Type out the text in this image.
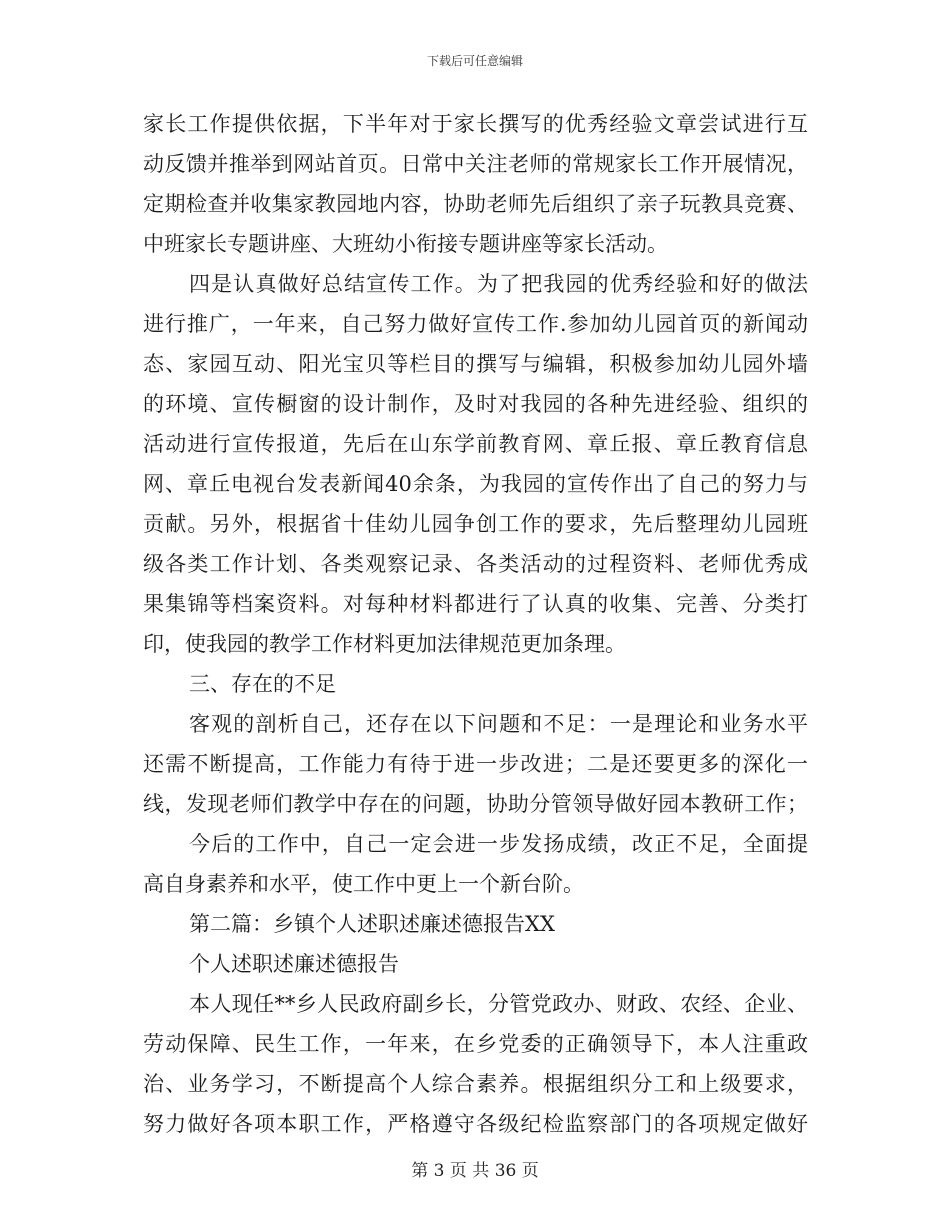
下载后可任意编辑
家长工作提供依据，下半年对于家长撰写的优秀经验文章尝试进行互
动反馈并推举到网站首页。日常中关注老师的常规家长工作开展情况，
定期检查并收集家教园地内容，协助老师先后组织了亲子玩教具竞赛、
中班家长专题讲座、大班幼小衔接专题讲座等家长活动。
四是认真做好总结宣传工作。为了把我园的优秀经验和好的做法
进行推广，一年来，自己努力做好宣传工作.参加幼儿园首页的新闻动
态、家园互动、阳光宝贝等栏目的撰写与编辑，积极参加幼儿园外墙
的环境、宣传橱窗的设计制作，及时对我园的各种先进经验、组织的
活动进行宣传报道，先后在山东学前教育网、章丘报、章丘教育信息
网、章丘电视台发表新闻40余条，为我园的宣传作出了自己的努力与
贡献。另外，根据省十佳幼儿园争创工作的要求，先后整理幼儿园班
级各类工作计划、各类观察记录、各类活动的过程资料、老师优秀成
果集锦等档案资料。对每种材料都进行了认真的收集、完善、分类打
印，使我园的教学工作材料更加法律规范更加条理。
三、存在的不足
客观的剖析自己，还存在以下问题和不足：一是理论和业务水平
还需不断提高，工作能力有待于进一步改进；二是还要更多的深化一
线，发现老师们教学中存在的问题，协助分管领导做好园本教研工作；
今后的工作中，自己一定会进一步发扬成绩，改正不足，全面提
高自身素养和水平，使工作中更上一个新台阶。
第二篇：乡镇个人述职述廉述德报告XX
个人述职述廉述德报告
本人现任**乡人民政府副乡长，分管党政办、财政、农经、企业、
劳动保障、民生工作，一年来，在乡党委的正确领导下，本人注重政
治、业务学习，不断提高个人综合素养。根据组织分工和上级要求，
努力做好各项本职工作，严格遵守各级纪检监察部门的各项规定做好
第 3 页 共 36 页
